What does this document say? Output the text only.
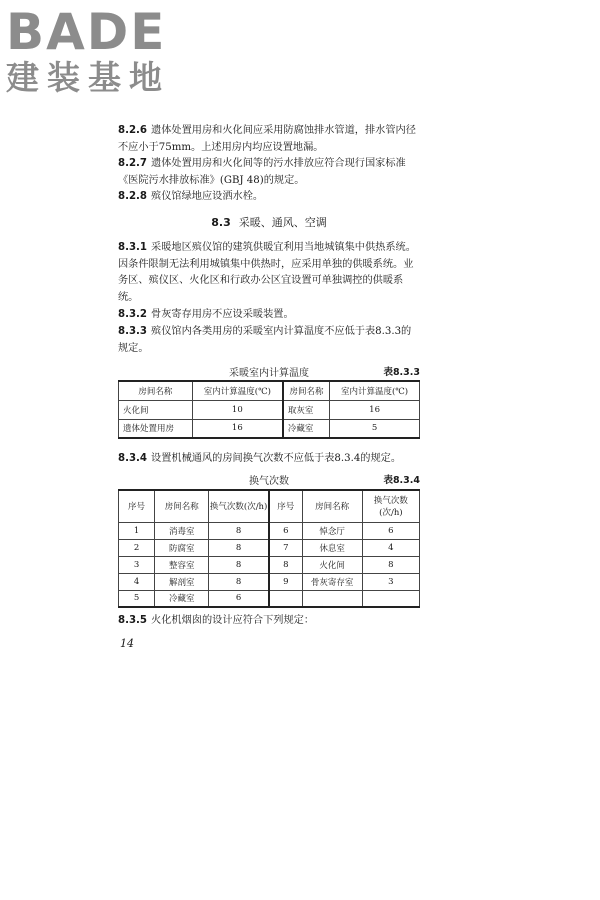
BADE
建装基地
8.2.6 遗体处置用房和火化间应采用防腐蚀排水管道，排水管内径不应小于75mm。上述用房内均应设置地漏。
8.2.7 遗体处置用房和火化间等的污水排放应符合现行国家标准《医院污水排放标准》(GBJ 48)的规定。
8.2.8 殡仪馆绿地应设洒水栓。
8.3 采暖、通风、空调
8.3.1 采暖地区殡仪馆的建筑供暖宜利用当地城镇集中供热系统。因条件限制无法利用城镇集中供热时，应采用单独的供暖系统。业务区、殡仪区、火化区和行政办公区宜设置可单独调控的供暖系统。
8.3.2 骨灰寄存用房不应设采暖装置。
8.3.3 殡仪馆内各类用房的采暖室内计算温度不应低于表8.3.3的规定。
采暖室内计算温度	表8.3.3
房间名称	室内计算温度(℃)	房间名称	室内计算温度(℃)
火化间	10	取灰室	16
遗体处置用房	16	冷藏室	5
8.3.4 设置机械通风的房间换气次数不应低于表8.3.4的规定。
换气次数	表8.3.4
序号	房间名称	换气次数(次/h)	序号	房间名称	换气次数(次/h)
1	消毒室	8	6	悼念厅	6
2	防腐室	8	7	休息室	4
3	整容室	8	8	火化间	8
4	解剖室	8	9	骨灰寄存室	3
5	冷藏室	6			
8.3.5 火化机烟囱的设计应符合下列规定：
14
